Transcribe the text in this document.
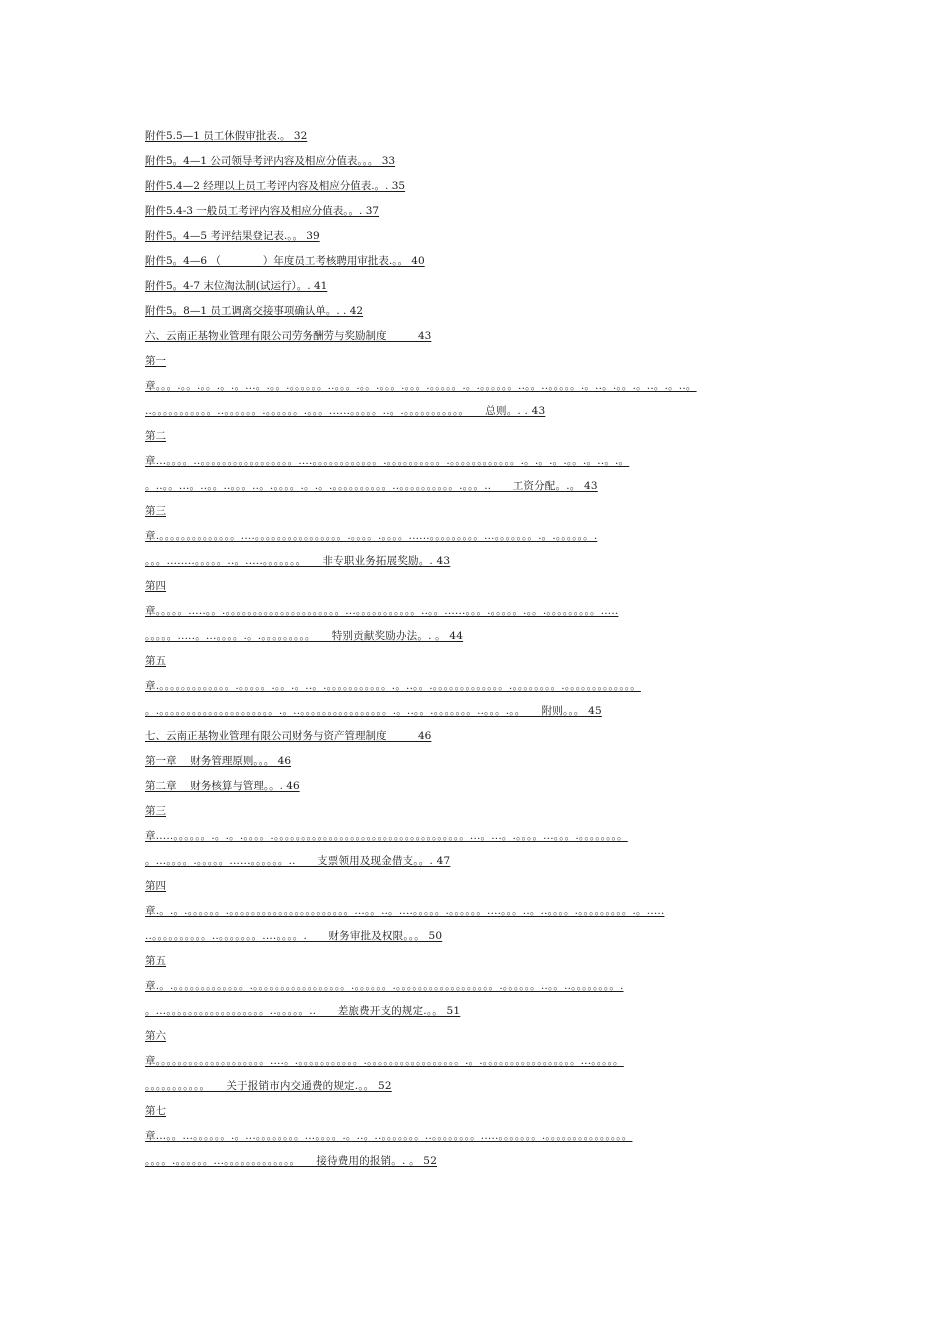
附件5.5—1 员工休假审批表.。 32
附件5。4—1 公司领导考评内容及相应分值表。。。 33
附件5.4—2 经理以上员工考评内容及相应分值表.。. 35
附件5.4-3 一般员工考评内容及相应分值表。。. 37
附件5。4—5 考评结果登记表.。。 39
附件5。4—6 （　　　　）年度员工考核聘用审批表.。。 40
附件5。4-7 末位淘汰制(试运行）。. 41
附件5。8—1 员工调离交接事项确认单。. . 42
六、云南正基物业管理有限公司劳务酬劳与奖励制度　　　43
第一
章。。。.。。.。。.。.。...。.。。.。。。。。。..。。。.。。.。。。.。。。.。。。。。.。.。。。。。。..。。..。。。。。.。..。.。。.。..。.。..。
..。。。。。。。。。。。..。。。。。。.。。。。。。.。。。......。。。。。..。.。。。。。。。。。。。　　总则。. . 43
第二
章...。。。。..。。。。。。。。。。。。。。。。。....。。。。。。。。。。。。.。。。。。。。。。。.。。。。。。。。。。。。.。.。.。.。。.。..。.。
。..。。...。..。。..。。。..。.。。。。.。.。.。。。。。。。。。。..。。。。。。。。。。.。。。..　　工资分配。.。 43
第三
章.。。。。。。。。。。。。。。....。。。。。。。。。。。。。。。。.。。。。.。。。。......。。。。。。。。。...。。。。。。。.。.。。。。。。.
。。。........。。。。。..。.....。。。。。。。　　非专职业务拓展奖励。. 43
第四
章。。。。。.....。。.。。。。。。。。。。。。。。。。。。。。。...。。。。。。。。。。。..。。......。。。.。。。。。.。。.。。。。。。。。。.....
。。。。。.....。...。。。。.。.。。。。。。。。。　　特别贡献奖励办法。. 。 44
第五
章.。。。。。。。。。。。。。.。。。。。.。。.。..。.。。。。。。。。。。。.。..。。.。。。。。。。。。。。。。.。。。。。。。。.。。。。。。。。。。。。。
。.。。。。。。。。。。。。。。。。。。。。。.。..。。。。。。。。。。。。。。。。.。..。。.。。。。。。。..。。。.。。　　附则。。。 45
七、云南正基物业管理有限公司财务与资产管理制度　　　46
第一章　 财务管理原则。。。 46
第二章　 财务核算与管理。。. 46
第三
章.....。。。。。。.。.。.。。。。.。。。。。。。。。。。。。。。。。。。。。。。。。。。。。。。。。。。...。...。.。。。。...。。。.。。。。。。。。
。...。。。。.。。。。。......。。。。。。..　　支票领用及现金借支。。. 47
第四
章.。.。.。。。。。。.。。。。。。。。。。。。。。。。。。。。。。...。。..。....。。。。。.。。。。。。....。。。..。..。。。。.。。。。。。。。。.。.....
..。。。。。。。。。。..。。。。。。。....。。。。.　　财务审批及权限。。。 50
第五
章.。.。。。。。。。。。。。。。.。。。。。。。。。。。。。。。。。.。。。。。。.。。。。。。。。。。。。。。。。。。.。。。。。。..。。..。。。。。。。。.
。...。。。。。。。。。。。。。。。。。。..。。。。。..　　差旅费开支的规定.。。 51
第六
章。。。。。。。。。。。。。。。。。。。。....。.。。。。。。。。。。。.。。。。。。。。。。。。。。。。。.。.。。。。。。。。。。。。。。。。。...。。。。。
。。。。。。。。。。。　　关于报销市内交通费的规定.。。 52
第七
章...。。...。。。。。。.。...。。。。。。。。...。。。。.。..。..。。。。。。。..。。。。。。。。.....。。。。。。。.。。。。。。。。。。。。。。。
。。。。.。。。。。。...。。。。。。。。。。。。。　　接待费用的报销。. 。 52
